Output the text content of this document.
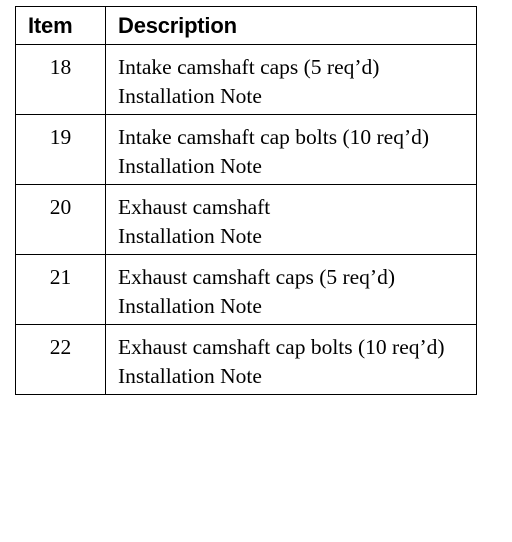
Item	Description
18	Intake camshaft caps (5 req’d)
Installation Note

19	Intake camshaft cap bolts (10 req’d)
Installation Note

20	Exhaust camshaft
Installation Note

21	Exhaust camshaft caps (5 req’d)
Installation Note

22	Exhaust camshaft cap bolts (10 req’d)
Installation Note
